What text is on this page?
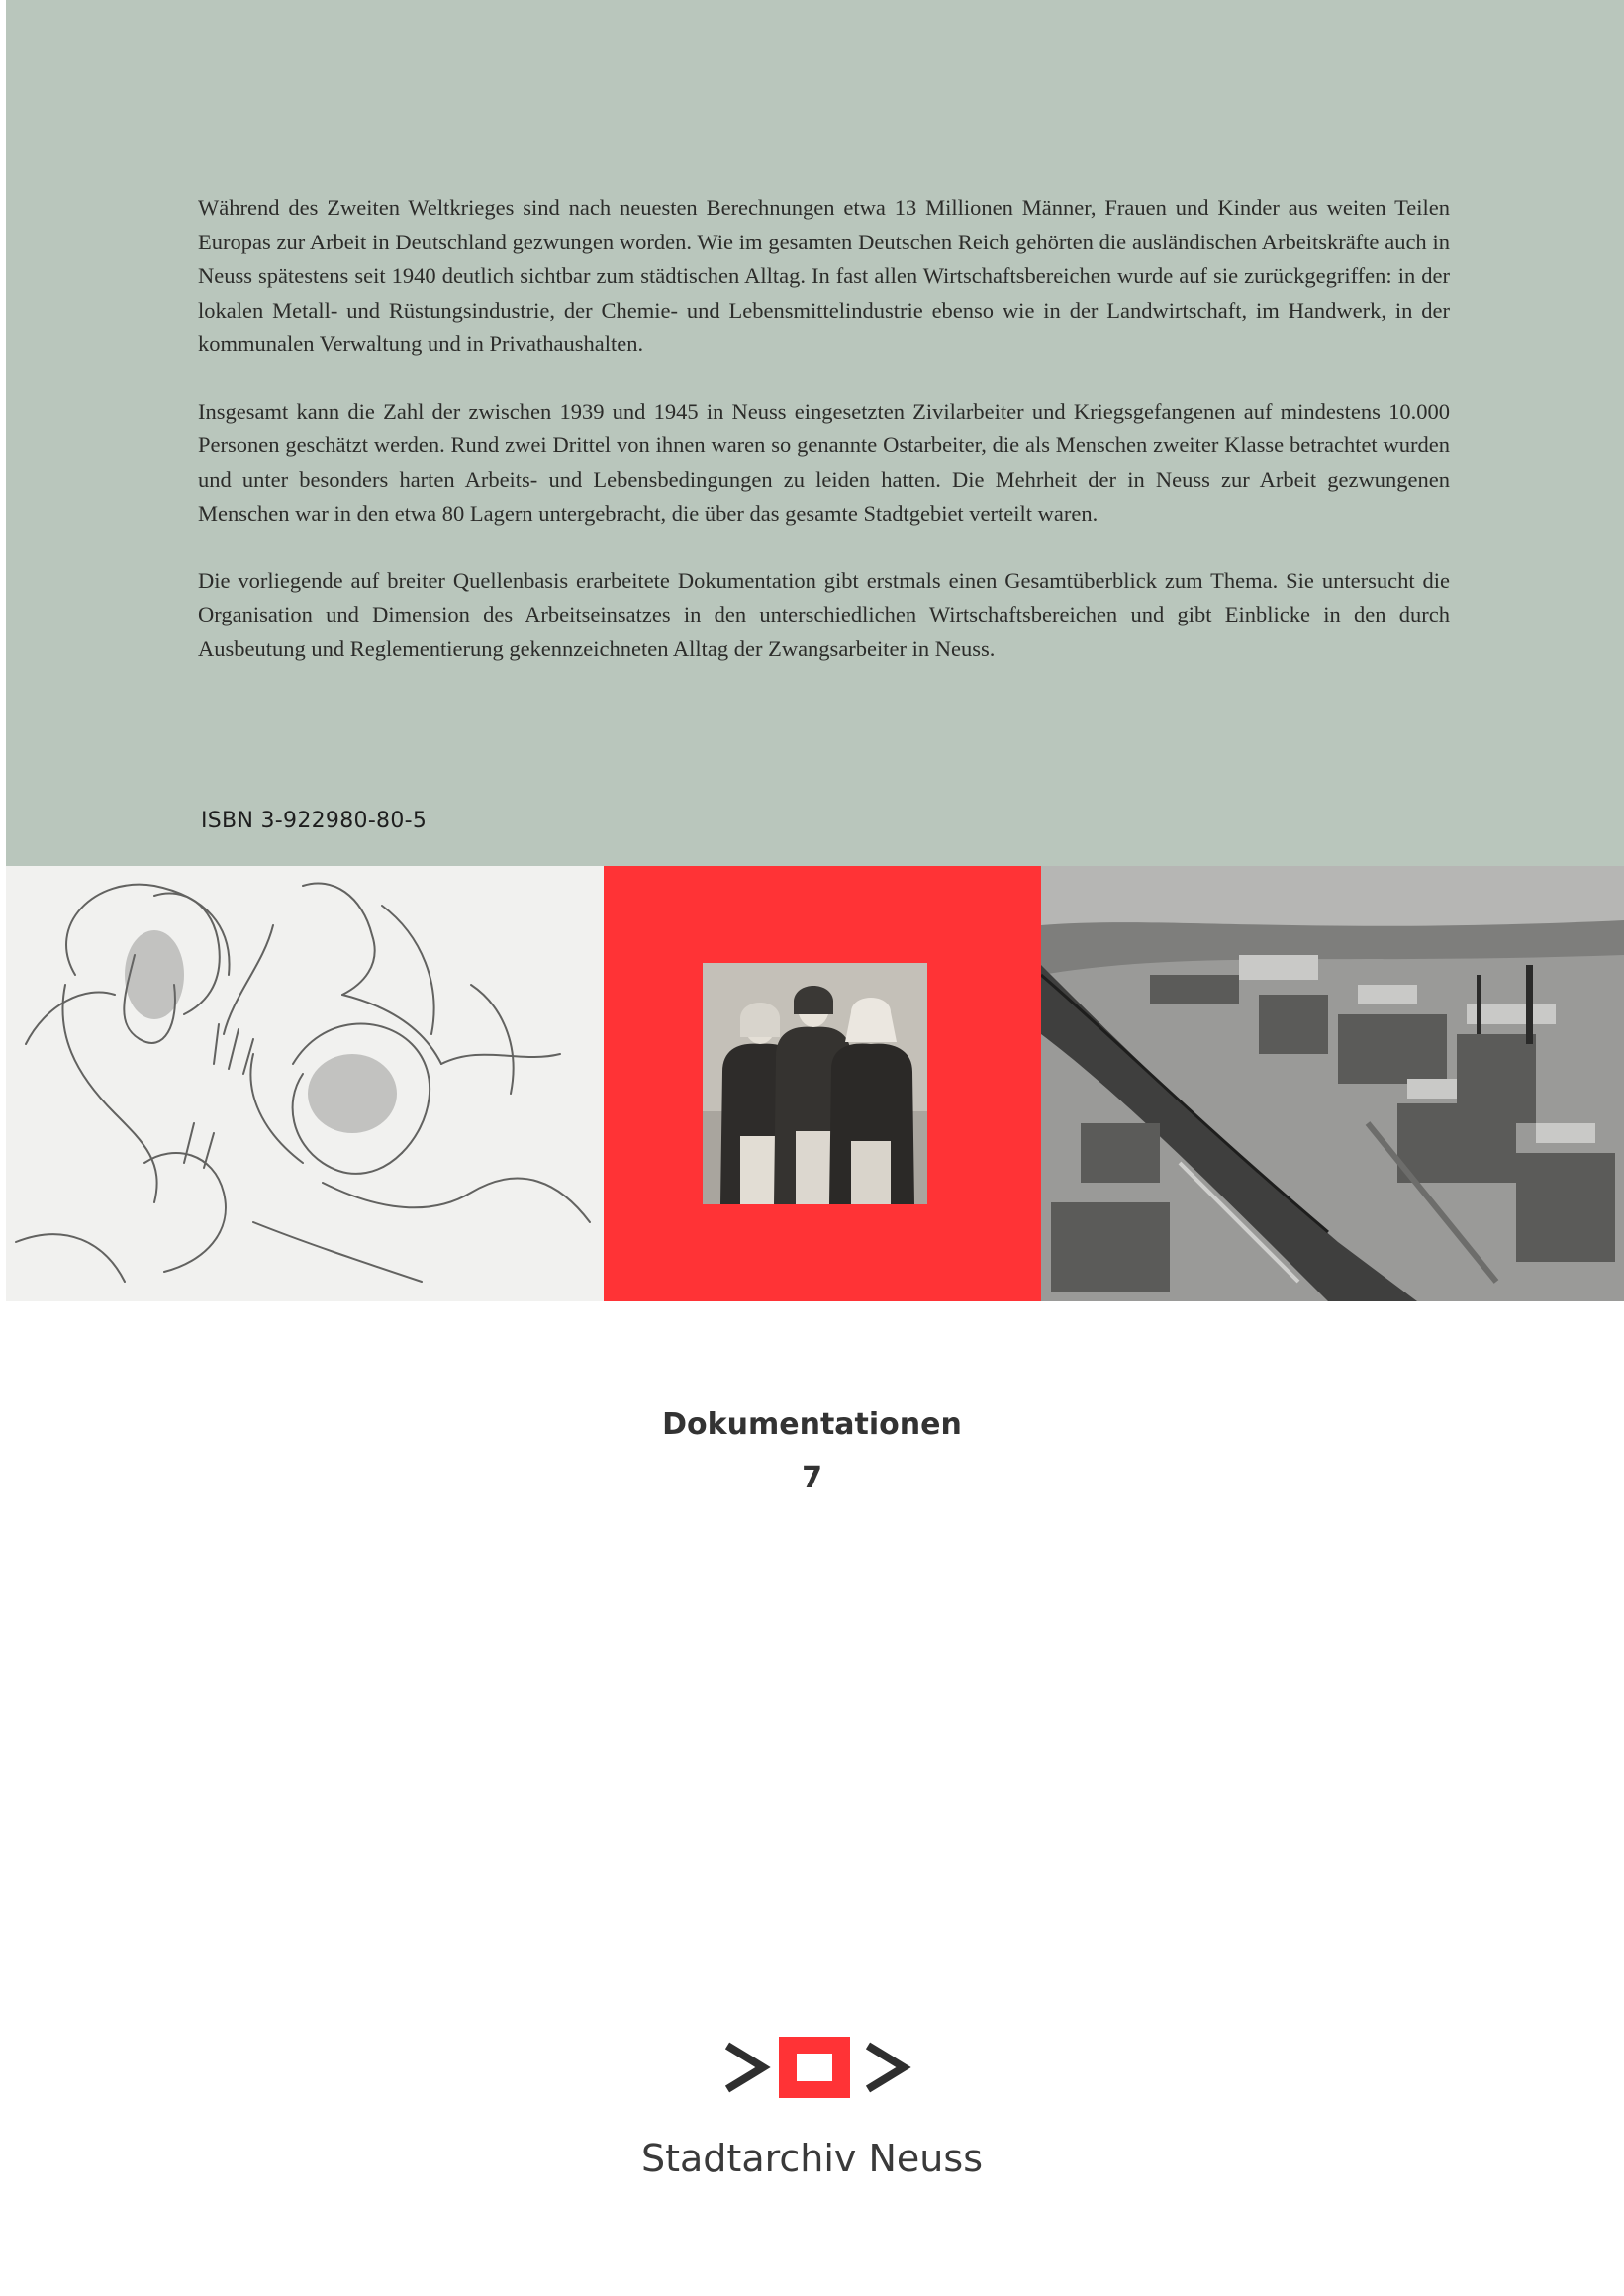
Während des Zweiten Weltkrieges sind nach neuesten Berechnungen etwa 13 Millionen Männer, Frauen und Kinder aus weiten Teilen Europas zur Arbeit in Deutschland gezwungen worden. Wie im gesamten Deutschen Reich gehörten die ausländischen Arbeitskräfte auch in Neuss spätestens seit 1940 deutlich sichtbar zum städtischen Alltag. In fast allen Wirtschaftsbereichen wurde auf sie zurückgegriffen: in der lokalen Metall- und Rüstungsindustrie, der Chemie- und Lebensmittelindustrie ebenso wie in der Landwirtschaft, im Handwerk, in der kommunalen Verwaltung und in Privathaushalten.

Insgesamt kann die Zahl der zwischen 1939 und 1945 in Neuss eingesetzten Zivilarbeiter und Kriegsgefangenen auf mindestens 10.000 Personen geschätzt werden. Rund zwei Drittel von ihnen waren so genannte Ostarbeiter, die als Menschen zweiter Klasse betrachtet wurden und unter besonders harten Arbeits- und Lebensbedingungen zu leiden hatten. Die Mehrheit der in Neuss zur Arbeit gezwungenen Menschen war in den etwa 80 Lagern untergebracht, die über das gesamte Stadtgebiet verteilt waren.

Die vorliegende auf breiter Quellenbasis erarbeitete Dokumentation gibt erstmals einen Gesamtüberblick zum Thema. Sie untersucht die Organisation und Dimension des Arbeitseinsatzes in den unterschiedlichen Wirtschaftsbereichen und gibt Einblicke in den durch Ausbeutung und Reglementierung gekennzeichneten Alltag der Zwangsarbeiter in Neuss.

ISBN 3-922980-80-5
Dokumentationen
7
Stadtarchiv Neuss
